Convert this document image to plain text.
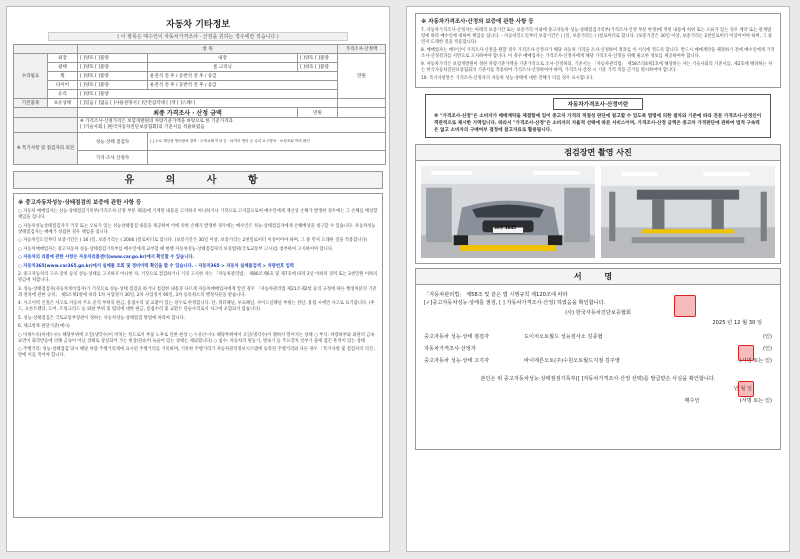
자동차 기타정보
( 이 항목은 매수인이 자동차가격조사 · 산정을 원하는 경우에만 적습니다 )
		항 목			가격조사·산정액
수리필요	외장	[ ]양호 [ ]불량	내장	[ ]양호 [ ]불량	만원
	광택	[ ]양호 [ ]불량	룸 크리닝	[ ]양호 [ ]불량	
	휠	[ ]양호 [ ]불량	운전석 전 후 / 동반석 전 후 / 등급		
	타이어	[ ]양호 [ ]불량	운전석 전 후 / 동반석 전 후 / 등급		
	유리	[ ]양호 [ ]불량			
기본품목	보유상태	[ ]있음 [ ]없음 [ ]사용설명서 [ ]안전삼각대 [ ]잭 [ ]스패너			
		최종 가격조사 · 산정 금액		만원	
		※ 가격조사·산정가격은 보험개발원의 차량기준가액을 바탕으로 한 기준가격과
[ ]기술사회 [ ]한국자동차진단보증협회]의 기준서를 적용하였음			
※ 특기사항 및 점검자의 의견		성능·상태 점검자	[ ] 도로 책임성 방어장치 장착 · 도색교체 이상 등 · 타이어 연마 등 수리 요구항목 · 보험조회 이력 확인		
		가격·조사 산정자			
유 의 사 항
※ 중고자동차성능·상태점검의 보증에 관한 사항 등

○ 자동차 매매업자는 성능·상태점검기록부(가격조사·산정 부분 제외)에 기재된 내용을 고지하지 아니하거나 거짓으로 고지함으로써 매수인에게 재산상 손해가 발생한 경우에는 그 손해를 배상할 책임을 집니다.

○ 자동차성능상태점검자가 거짓 또는 오류가 있는 성능상태점검 내용을 제공하여 이에 의한 손해가 발생한 경우에는 매수인은 성능·상태점검자에게 손해배상을 청구할 수 있습니다. 자동차성능상태점검자는 매매가 성립한 경우 책임을 집니다.

○ 자동차인도일부터 보증기간은 ( 30 )일, 보증거리는 ( 2000 )킬로미터로 합니다. (보증기간은 30일 이상, 보증거리는 2천킬로미터 이상이어야 하며, 그 중 먼저 도래한 것을 적용합니다)

○ 자동차매매업자는 중고자동차 성능·상태점검기록부를 매수인에게 교부할 때 현행 자동차성능·상태점검자의 보증범위(국토교통부 고시)를 첨부하여 고지하여야 합니다.

○ 자동차의 리콜에 관한 사항은 자동차리콜센터(www.car.go.kr)에서 확인할 수 있습니다.

○ 자동차365(www.car365.go.kr)에서 실매물 조회 및 정비이력 확인을 할 수 있습니다. - 자동차365 > 자동차 실매물검색 > 차량번호 입력

2. 중고자동차의 구조·장치 등의 성능·상태를 고지하지 아니한 자, 거짓으로 점검하거나 거짓 고지한 자는 「자동차관리법」 제80조제6호 및 제7호에 따라 2년 이하의 징역 또는 2천만원 이하의 벌금에 처합니다.

3. 성능·상태점검자(자동차정비업자)가 거짓으로 성능·상태 점검을 하거나 점검한 내용과 다르게 자동차매매업자에게 알린 경우 「자동차관리법 제21조제2항 등의 규정에 따른 행정처분의 기준과 절차에 관한 규칙」 제5조제1항에 따라 1차 사업정지 30일, 2차 사업정지 90일, 3차 등록취소의 행정처분을 받습니다.

4. 사고이력 인정은 사고로 자동차 주요 골격 부위의 판금, 용접수리 및 교환이 있는 경우로 한정합니다. 단, 쿼터패널, 루프패널, 사이드실패널 부위는 절단, 용접 시에만 사고로 표기합니다. (후드, 프론트펜더, 도어, 트렁크리드 등 외판 부위 및 범퍼에 대한 판금, 용접수리 및 교환은 단순수리로서 사고에 포함되지 않습니다)

5. 성능·상태점검은 국토교통부장관이 정하는 자동차성능·상태점검 방법에 따라야 합니다.

6. 체크항목 판단기준(예시)

○ 미세누유(미세누수): 해당부위에 오일(냉각수)이 비치는 정도로서 부품 노후로 인한 현상 ○ 누유(누수): 해당부위에서 오일(냉각수)이 맺혀서 떨어지는 상태 ○ 부식: 차량하부와 외판의 금속표면이 화학반응에 의해 금속이 아닌 상태로 상실되어 가는 현상(단순히 녹슬어 있는 상태는 제외합니다) ○ 침수: 자동차의 원동기, 변속기 등 주요장치 일부가 물에 잠긴 흔적이 있는 상태

○ 주행거리: 성능·상태점검 당시 해당 차량 주행거리계에 표시된 주행거리를 기록하며, 기록한 주행거리가 자동차관리정보시스템에 등록된 주행거리와 다른 경우 「특기사항 및 점검자의 의견」란에 이를 적어야 합니다.

※ 자동차가격조사·산정의 보증에 관한 사항 등
7. 자동차가격조사·산정자는 아래의 보증기간 또는 보증거리 이내에 중고자동차 성능·상태점검기록부(가격조사·산정 부분 한정)에 적힌 내용에 허위 또는 오류가 있는 경우 계약 또는 관계법령에 따라 매수인에 대하여 책임을 집니다. - 자동차인도일부터 보증기간은 ( )일, 보증거리는 ( )킬로미터로 합니다. (보증기간은 30일 이상, 보증거리는 2천킬로미터 이상이어야 하며, 그 중 먼저 도래한 것을 적용합니다)
8. 매매업자는 매수인이 가격조사·산정을 원할 경우 가격조사·산정자가 해당 자동차 가격을 조사·산정하여 결과를 이 서식에 적도록 합니다. 반드시 매매계약을 체결하기 전에 매수인에게 가격조사·산정결과를 서면으로 고지하여야 합니다. 이 경우 매매업자는 가격조사·산정자에게 해당 가격조사·산정을 위해 필요한 정보를 제공하여야 합니다.
9. 자동차가격은 보험개발원이 정한 차량기준가액을 기준가격으로 조사·산정하되, 기준서는 「자동차관리법」 제58조의4제1호에 해당하는 자는 기술사회의 기준서를, 제2호에 해당하는 자는 한국자동차진단보증협회의 기준서를 적용하여 가격조사·산정하여야 하며, 가격조사·산정 시 기준 가격 적용 근거를 명시하여야 합니다.
10. 특기사항란은 가격조사·산정자의 자동차 성능·상태에 대한 견해가 다를 경우 표시합니다.
자동차가격조사·산정이란
※ "가격조사·산정"은 소비자가 매매계약을 체결함에 있어 중고차 가격의 적절성 판단에 참고할 수 있도록 법령에 의한 절차와 기준에 따라 전문 가격조사·산정인이 객관적으로 제시한 가액입니다. 따라서 "가격조사·산정"은 소비자의 자율적 선택에 따른 서비스이며, 가격조사·산정 금액은 중고차 가격판단에 관하여 법적 구속력은 없고 소비자의 구매여부 결정에 참고자료로 활용됩니다.
점검장면 촬영 사진
30루 1645
서 명
「자동차관리법」 제58조 및 같은 법 시행규칙 제120조에 따라
[✓]중고자동차성능·상태를 점검, [ ] 자동차가격조사·산정) 하였음을 확인합니다.
(사) 한국자동차진단보증협회
2025 년 12 월 30 일
중고자동차 성능·상태 점검자	도이치오토월드 성능검사소 김종협	(인)
자동차가격조사·산정자	(인)
중고자동차 성능·상태 고지자	바이에른오토(주)수원오토월드지점 김주영	(서명 또는 인)
본인은 위 중고자동차성능·상태점검기록부([ ]자동차가격조사·산정 선택)를 발급받은 사실을 확인합니다.
년 월 일
매수인	(서명 또는 인)
